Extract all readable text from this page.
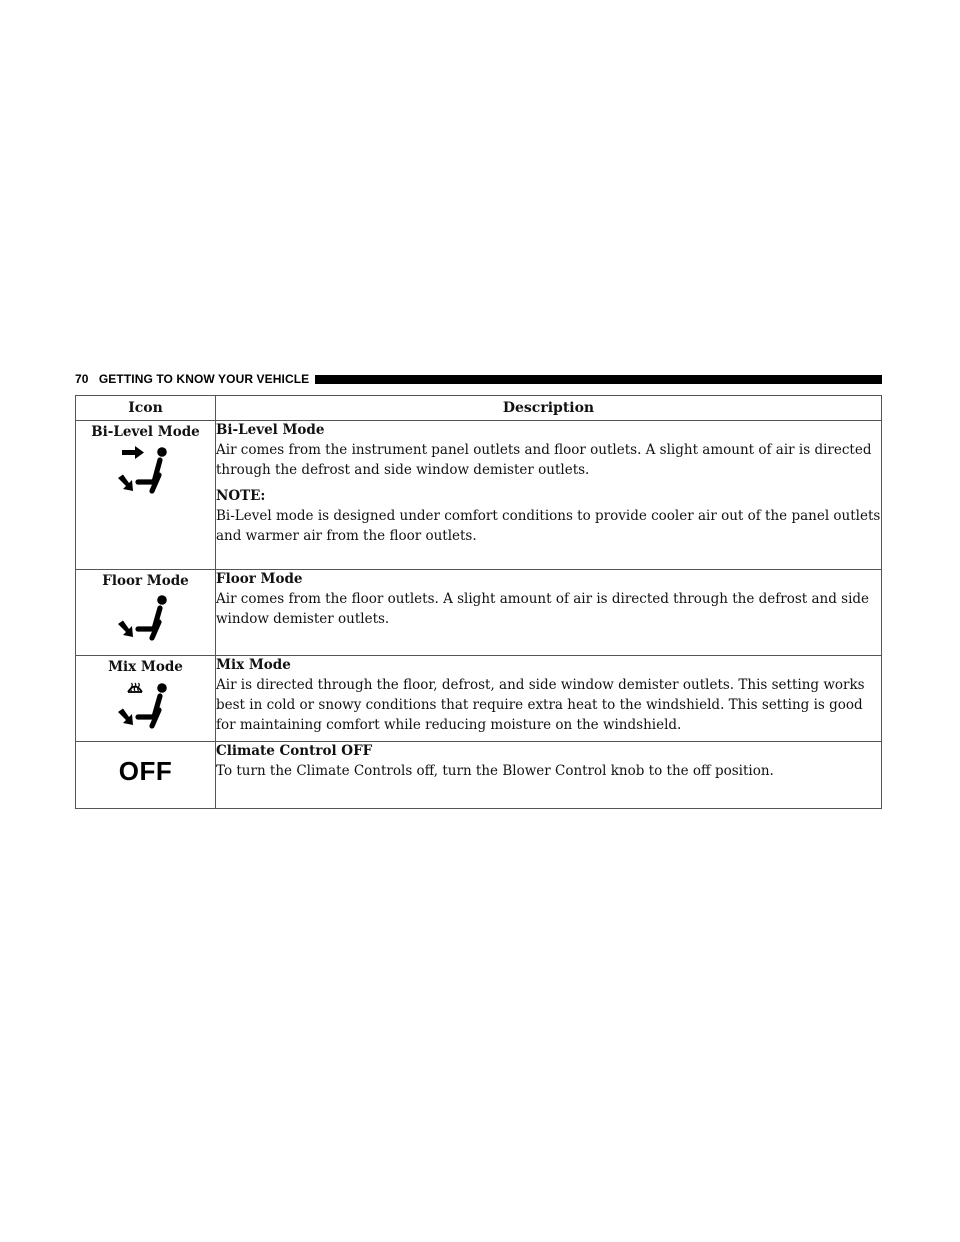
70 GETTING TO KNOW YOUR VEHICLE
Icon	Description

Bi-Level Mode	Bi-Level Mode
Air comes from the instrument panel outlets and floor outlets. A slight amount of air is directed through the defrost and side window demister outlets.
NOTE:
Bi-Level mode is designed under comfort conditions to provide cooler air out of the panel outlets and warmer air from the floor outlets.

Floor Mode	Floor Mode
Air comes from the floor outlets. A slight amount of air is directed through the defrost and side window demister outlets.

Mix Mode	Mix Mode
Air is directed through the floor, defrost, and side window demister outlets. This setting works best in cold or snowy conditions that require extra heat to the windshield. This setting is good for maintaining comfort while reducing moisture on the windshield.

OFF	Climate Control OFF
To turn the Climate Controls off, turn the Blower Control knob to the off position.
